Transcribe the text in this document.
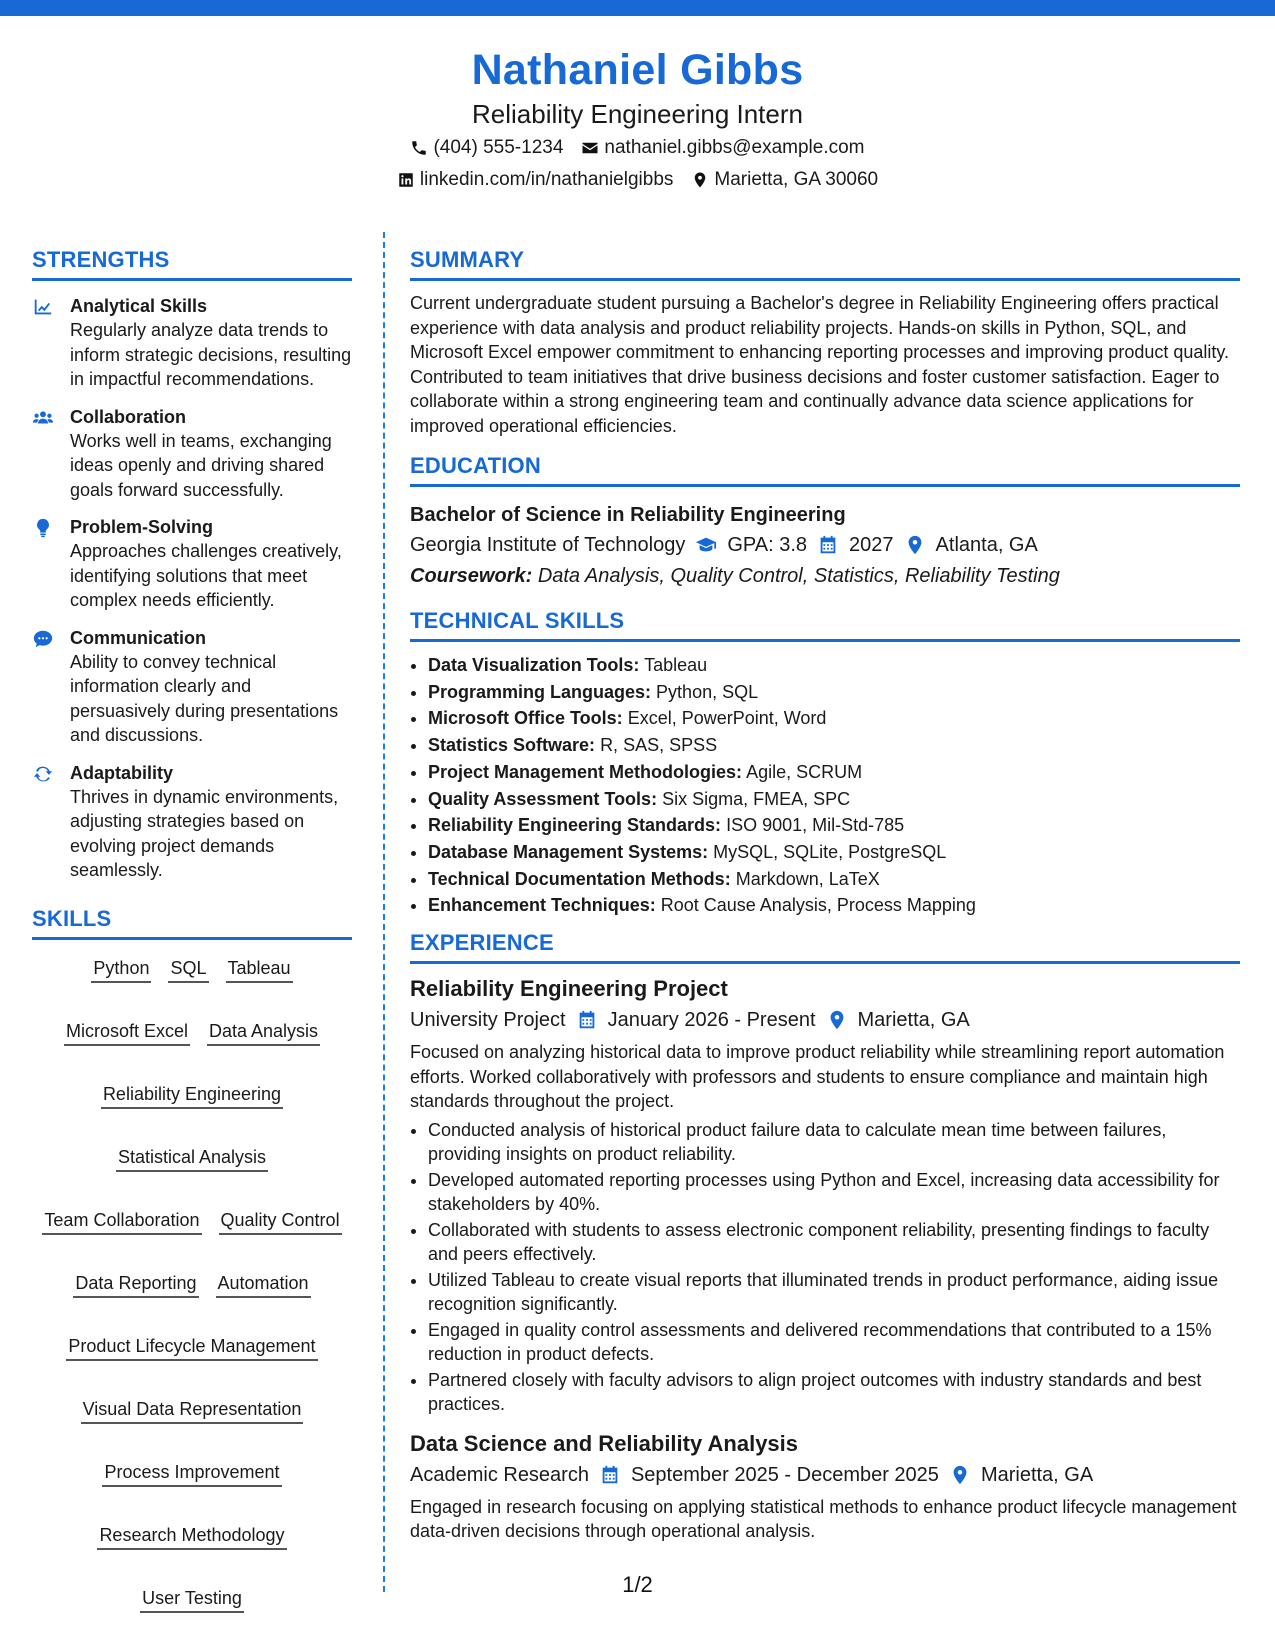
Nathaniel Gibbs
Reliability Engineering Intern
(404) 555-1234 nathaniel.gibbs@example.com
linkedin.com/in/nathanielgibbs Marietta, GA 30060
STRENGTHS
Analytical Skills
Regularly analyze data trends to inform strategic decisions, resulting in impactful recommendations.
Collaboration
Works well in teams, exchanging ideas openly and driving shared goals forward successfully.
Problem-Solving
Approaches challenges creatively, identifying solutions that meet complex needs efficiently.
Communication
Ability to convey technical information clearly and persuasively during presentations and discussions.
Adaptability
Thrives in dynamic environments, adjusting strategies based on evolving project demands seamlessly.
SKILLS
Python SQL Tableau
Microsoft Excel Data Analysis
Reliability Engineering
Statistical Analysis
Team Collaboration Quality Control
Data Reporting Automation
Product Lifecycle Management
Visual Data Representation
Process Improvement
Research Methodology
User Testing
SUMMARY
Current undergraduate student pursuing a Bachelor's degree in Reliability Engineering offers practical experience with data analysis and product reliability projects. Hands-on skills in Python, SQL, and Microsoft Excel empower commitment to enhancing reporting processes and improving product quality. Contributed to team initiatives that drive business decisions and foster customer satisfaction. Eager to collaborate within a strong engineering team and continually advance data science applications for improved operational efficiencies.
EDUCATION
Bachelor of Science in Reliability Engineering
Georgia Institute of Technology GPA: 3.8 2027 Atlanta, GA
Coursework: Data Analysis, Quality Control, Statistics, Reliability Testing
TECHNICAL SKILLS
• Data Visualization Tools: Tableau
• Programming Languages: Python, SQL
• Microsoft Office Tools: Excel, PowerPoint, Word
• Statistics Software: R, SAS, SPSS
• Project Management Methodologies: Agile, SCRUM
• Quality Assessment Tools: Six Sigma, FMEA, SPC
• Reliability Engineering Standards: ISO 9001, Mil-Std-785
• Database Management Systems: MySQL, SQLite, PostgreSQL
• Technical Documentation Methods: Markdown, LaTeX
• Enhancement Techniques: Root Cause Analysis, Process Mapping
EXPERIENCE
Reliability Engineering Project
University Project January 2026 - Present Marietta, GA
Focused on analyzing historical data to improve product reliability while streamlining report automation efforts. Worked collaboratively with professors and students to ensure compliance and maintain high standards throughout the project.
• Conducted analysis of historical product failure data to calculate mean time between failures, providing insights on product reliability.
• Developed automated reporting processes using Python and Excel, increasing data accessibility for stakeholders by 40%.
• Collaborated with students to assess electronic component reliability, presenting findings to faculty and peers effectively.
• Utilized Tableau to create visual reports that illuminated trends in product performance, aiding issue recognition significantly.
• Engaged in quality control assessments and delivered recommendations that contributed to a 15% reduction in product defects.
• Partnered closely with faculty advisors to align project outcomes with industry standards and best practices.
Data Science and Reliability Analysis
Academic Research September 2025 - December 2025 Marietta, GA
Engaged in research focusing on applying statistical methods to enhance product lifecycle management data-driven decisions through operational analysis.
1/2
